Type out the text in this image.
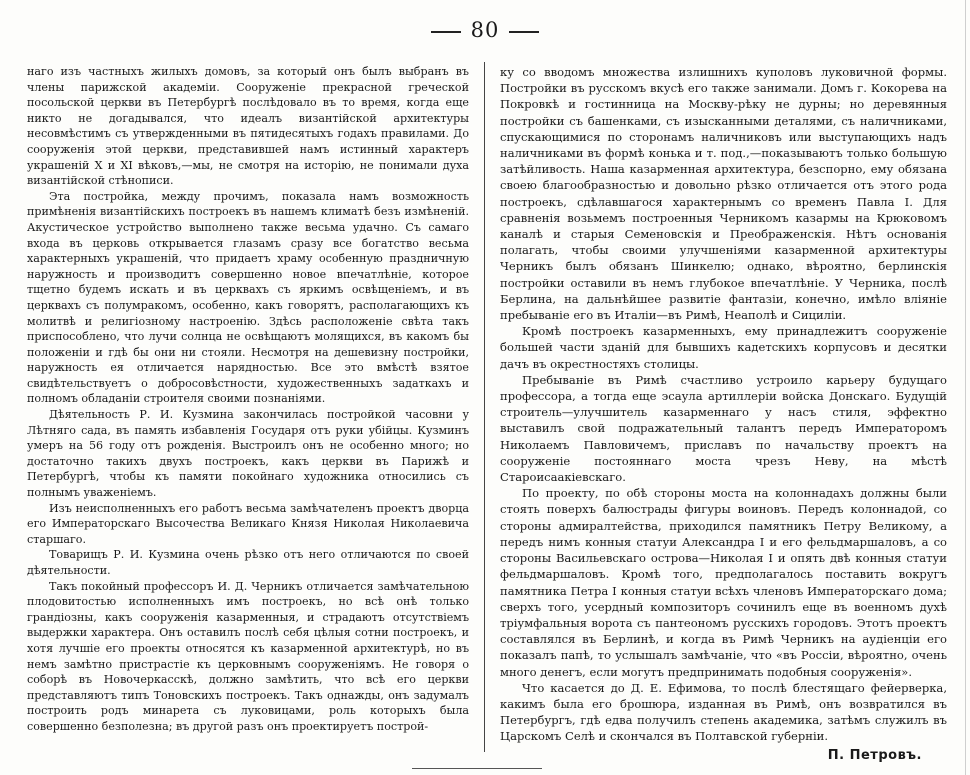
80

наго изъ частныхъ жилыхъ домовъ, за который онъ былъ выбранъ въ члены парижской академіи. Сооруженіе прекрасной греческой посольской церкви въ Петербургѣ послѣдовало въ то время, когда еще никто не догадывался, что идеалъ византійской архитектуры несовмѣстимъ съ утвержденными въ пятидесятыхъ годахъ правилами. До сооруженія этой церкви, представившей намъ истинный характеръ украшеній X и XI вѣковъ,—мы, не смотря на исторію, не понимали духа византійской стѣнописи.

Эта постройка, между прочимъ, показала намъ возможность примѣненія византійскихъ построекъ въ нашемъ климатѣ безъ измѣненій. Акустическое устройство выполнено также весьма удачно. Съ самаго входа въ церковь открывается глазамъ сразу все богатство весьма характерныхъ украшеній, что придаетъ храму особенную праздничную наружность и производитъ совершенно новое впечатлѣніе, которое тщетно будемъ искать и въ церквахъ съ яркимъ освѣщеніемъ, и въ церквахъ съ полумракомъ, особенно, какъ говорятъ, располагающихъ къ молитвѣ и религіозному настроенію. Здѣсь расположеніе свѣта такъ приспособлено, что лучи солнца не освѣщаютъ молящихся, въ какомъ бы положеніи и гдѣ бы они ни стояли. Несмотря на дешевизну постройки, наружность ея отличается нарядностью. Все это вмѣстѣ взятое свидѣтельствуетъ о добросовѣстности, художественныхъ задаткахъ и полномъ обладаніи строителя своими познаніями.

Дѣятельность Р. И. Кузмина закончилась постройкой часовни у Лѣтняго сада, въ память избавленія Государя отъ руки убійцы. Кузминъ умеръ на 56 году отъ рожденія. Выстроилъ онъ не особенно много; но достаточно такихъ двухъ построекъ, какъ церкви въ Парижѣ и Петербургѣ, чтобы къ памяти покойнаго художника относились съ полнымъ уваженіемъ.

Изъ неисполненныхъ его работъ весьма замѣчателенъ проектъ дворца его Императорскаго Высочества Великаго Князя Николая Николаевича старшаго.

Товарищъ Р. И. Кузмина очень рѣзко отъ него отличаются по своей дѣятельности.

Такъ покойный профессоръ И. Д. Черникъ отличается замѣчательною плодовитостью исполненныхъ имъ построекъ, но всѣ онѣ только грандіозны, какъ сооруженія казарменныя, и страдаютъ отсутствіемъ выдержки характера. Онъ оставилъ послѣ себя цѣлыя сотни построекъ, и хотя лучшіе его проекты относятся къ казарменной архитектурѣ, но въ немъ замѣтно пристрастіе къ церковнымъ сооруженіямъ. Не говоря о соборѣ въ Новочеркасскѣ, должно замѣтить, что всѣ его церкви представляютъ типъ Тоновскихъ построекъ. Такъ однажды, онъ задумалъ построить родъ минарета съ луковицами, роль которыхъ была совершенно безполезна; въ другой разъ онъ проектируетъ построй-

ку со вводомъ множества излишнихъ куполовъ луковичной формы. Постройки въ русскомъ вкусѣ его также занимали. Домъ г. Кокорева на Покровкѣ и гостинница на Москву-рѣку не дурны; но деревянныя постройки съ башенками, съ изысканными деталями, съ наличниками, спускающимися по сторонамъ наличниковъ или выступающихъ надъ наличниками въ формѣ конька и т. под.,—показываютъ только большую затѣйливость. Наша казарменная архитектура, безспорно, ему обязана своею благообразностью и довольно рѣзко отличается отъ этого рода построекъ, сдѣлавшагося характернымъ со временъ Павла I. Для сравненія возьмемъ построенныя Черникомъ казармы на Крюковомъ каналѣ и старыя Семеновскія и Преображенскія. Нѣтъ основанія полагать, чтобы своими улучшеніями казарменной архитектуры Черникъ былъ обязанъ Шинкелю; однако, вѣроятно, берлинскія постройки оставили въ немъ глубокое впечатлѣніе. У Черника, послѣ Берлина, на дальнѣйшее развитіе фантазіи, конечно, имѣло вліяніе пребываніе его въ Италіи—въ Римѣ, Неаполѣ и Сициліи.

Кромѣ построекъ казарменныхъ, ему принадлежитъ сооруженіе большей части зданій для бывшихъ кадетскихъ корпусовъ и десятки дачъ въ окрестностяхъ столицы.

Пребываніе въ Римѣ счастливо устроило карьеру будущаго профессора, а тогда еще эсаула артиллеріи войска Донскаго. Будущій строитель—улучшитель казарменнаго у насъ стиля, эффектно выставилъ свой подражательный талантъ передъ Императоромъ Николаемъ Павловичемъ, приславъ по начальству проектъ на сооруженіе постояннаго моста чрезъ Неву, на мѣстѣ Староисаакіевскаго.

По проекту, по обѣ стороны моста на колоннадахъ должны были стоять поверхъ балюстрады фигуры воиновъ. Передъ колоннадой, со стороны адмиралтейства, приходился памятникъ Петру Великому, а передъ нимъ конныя статуи Александра I и его фельдмаршаловъ, а со стороны Васильевскаго острова—Николая I и опять двѣ конныя статуи фельдмаршаловъ. Кромѣ того, предполагалось поставить вокругъ памятника Петра I конныя статуи всѣхъ членовъ Императорскаго дома; сверхъ того, усердный композиторъ сочинилъ еще въ военномъ духѣ тріумфальныя ворота съ пантеономъ русскихъ городовъ. Этотъ проектъ составлялся въ Берлинѣ, и когда въ Римѣ Черникъ на аудіенціи его показалъ папѣ, то услышалъ замѣчаніе, что «въ Россіи, вѣроятно, очень много денегъ, если могутъ предпринимать подобныя сооруженія».

Что касается до Д. Е. Ефимова, то послѣ блестящаго фейерверка, какимъ была его брошюра, изданная въ Римѣ, онъ возвратился въ Петербургъ, гдѣ едва получилъ степень академика, затѣмъ служилъ въ Царскомъ Селѣ и скончался въ Полтавской губерніи.

П. Петровъ.
